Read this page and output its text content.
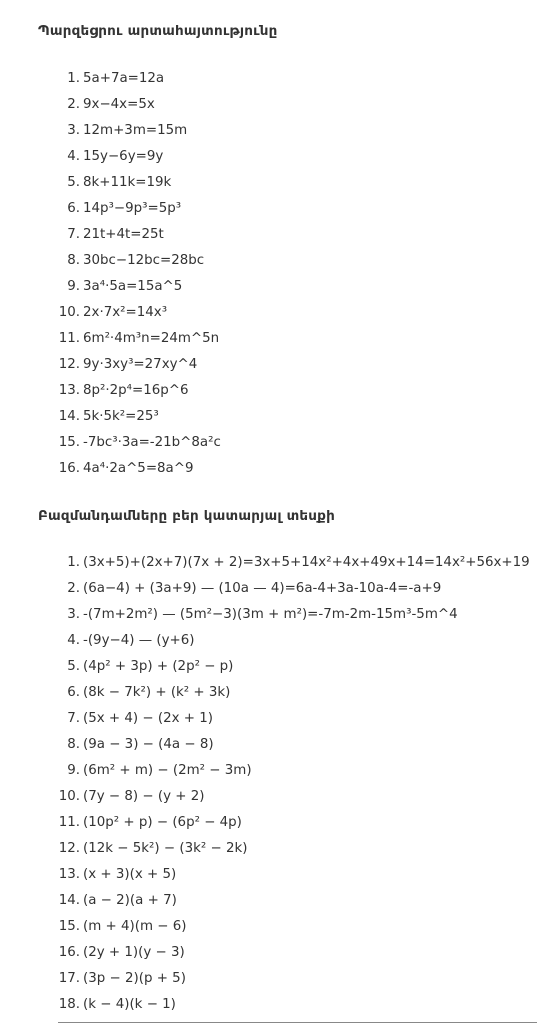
Պարզեցրու արտահայտությունը
1. 5a+7a=12a
2. 9x−4x=5x
3. 12m+3m=15m
4. 15y−6y=9y
5. 8k+11k=19k
6. 14p³−9p³=5p³
7. 21t+4t=25t
8. 30bc−12bc=28bc
9. 3a⁴·5a=15a^5
10. 2x·7x²=14x³
11. 6m²·4m³n=24m^5n
12. 9y·3xy³=27xy^4
13. 8p²·2p⁴=16p^6
14. 5k·5k²=25³
15. -7bc³·3a=-21b^8a²c
16. 4a⁴·2a^5=8a^9
Բազմանդամները բեր կատարյալ տեսքի
1. (3x+5)+(2x+7)(7x + 2)=3x+5+14x²+4x+49x+14=14x²+56x+19
2. (6a−4) + (3a+9) — (10a — 4)=6a-4+3a-10a-4=-a+9
3. -(7m+2m²) — (5m²−3)(3m + m²)=-7m-2m-15m³-5m^4
4. -(9y−4) — (y+6)
5. (4p² + 3p) + (2p² − p)
6. (8k − 7k²) + (k² + 3k)
7. (5x + 4) − (2x + 1)
8. (9a − 3) − (4a − 8)
9. (6m² + m) − (2m² − 3m)
10. (7y − 8) − (y + 2)
11. (10p² + p) − (6p² − 4p)
12. (12k − 5k²) − (3k² − 2k)
13. (x + 3)(x + 5)
14. (a − 2)(a + 7)
15. (m + 4)(m − 6)
16. (2y + 1)(y − 3)
17. (3p − 2)(p + 5)
18. (k − 4)(k − 1)
